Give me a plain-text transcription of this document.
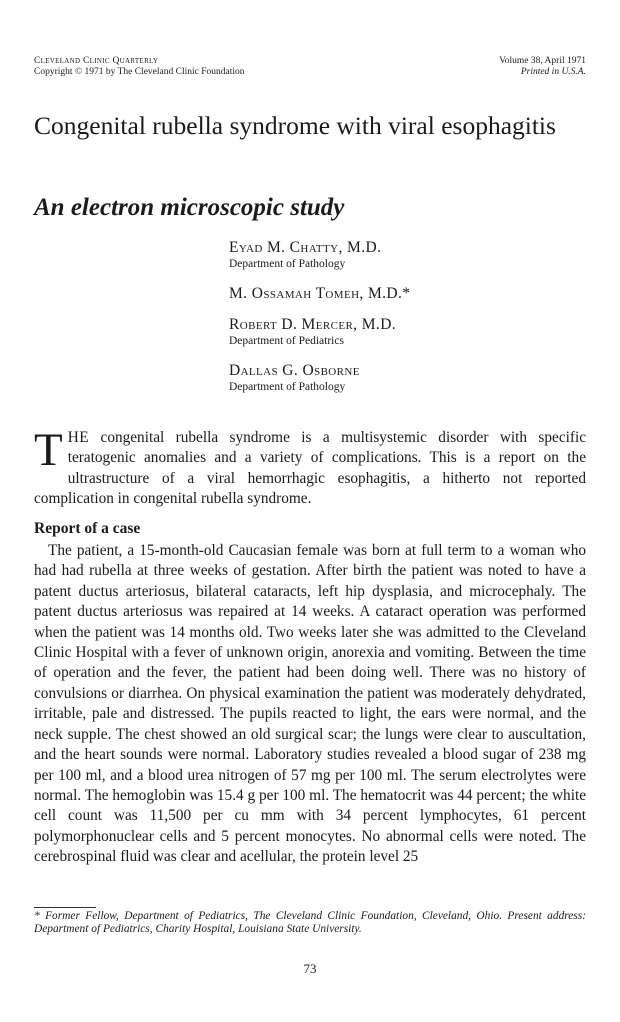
Cleveland Clinic Quarterly
Copyright © 1971 by The Cleveland Clinic Foundation
Volume 38, April 1971
Printed in U.S.A.
Congenital rubella syndrome with viral esophagitis
An electron microscopic study
Eyad M. Chatty, M.D.
Department of Pathology
M. Ossamah Tomeh, M.D.*
Robert D. Mercer, M.D.
Department of Pediatrics
Dallas G. Osborne
Department of Pathology

THE congenital rubella syndrome is a multisystemic disorder with specific teratogenic anomalies and a variety of complications. This is a report on the ultrastructure of a viral hemorrhagic esophagitis, a hitherto not reported complication in congenital rubella syndrome.

Report of a case

The patient, a 15-month-old Caucasian female was born at full term to a woman who had had rubella at three weeks of gestation. After birth the patient was noted to have a patent ductus arteriosus, bilateral cataracts, left hip dysplasia, and microcephaly. The patent ductus arteriosus was repaired at 14 weeks. A cataract operation was performed when the patient was 14 months old. Two weeks later she was admitted to the Cleveland Clinic Hospital with a fever of unknown origin, anorexia and vomiting. Between the time of operation and the fever, the patient had been doing well. There was no history of convulsions or diarrhea. On physical examination the patient was moderately dehydrated, irritable, pale and distressed. The pupils reacted to light, the ears were normal, and the neck supple. The chest showed an old surgical scar; the lungs were clear to auscultation, and the heart sounds were normal. Laboratory studies revealed a blood sugar of 238 mg per 100 ml, and a blood urea nitrogen of 57 mg per 100 ml. The serum electrolytes were normal. The hemoglobin was 15.4 g per 100 ml. The hematocrit was 44 percent; the white cell count was 11,500 per cu mm with 34 percent lymphocytes, 61 percent polymorphonuclear cells and 5 percent monocytes. No abnormal cells were noted. The cerebrospinal fluid was clear and acellular, the protein level 25

* Former Fellow, Department of Pediatrics, The Cleveland Clinic Foundation, Cleveland, Ohio. Present address: Department of Pediatrics, Charity Hospital, Louisiana State University.
73
